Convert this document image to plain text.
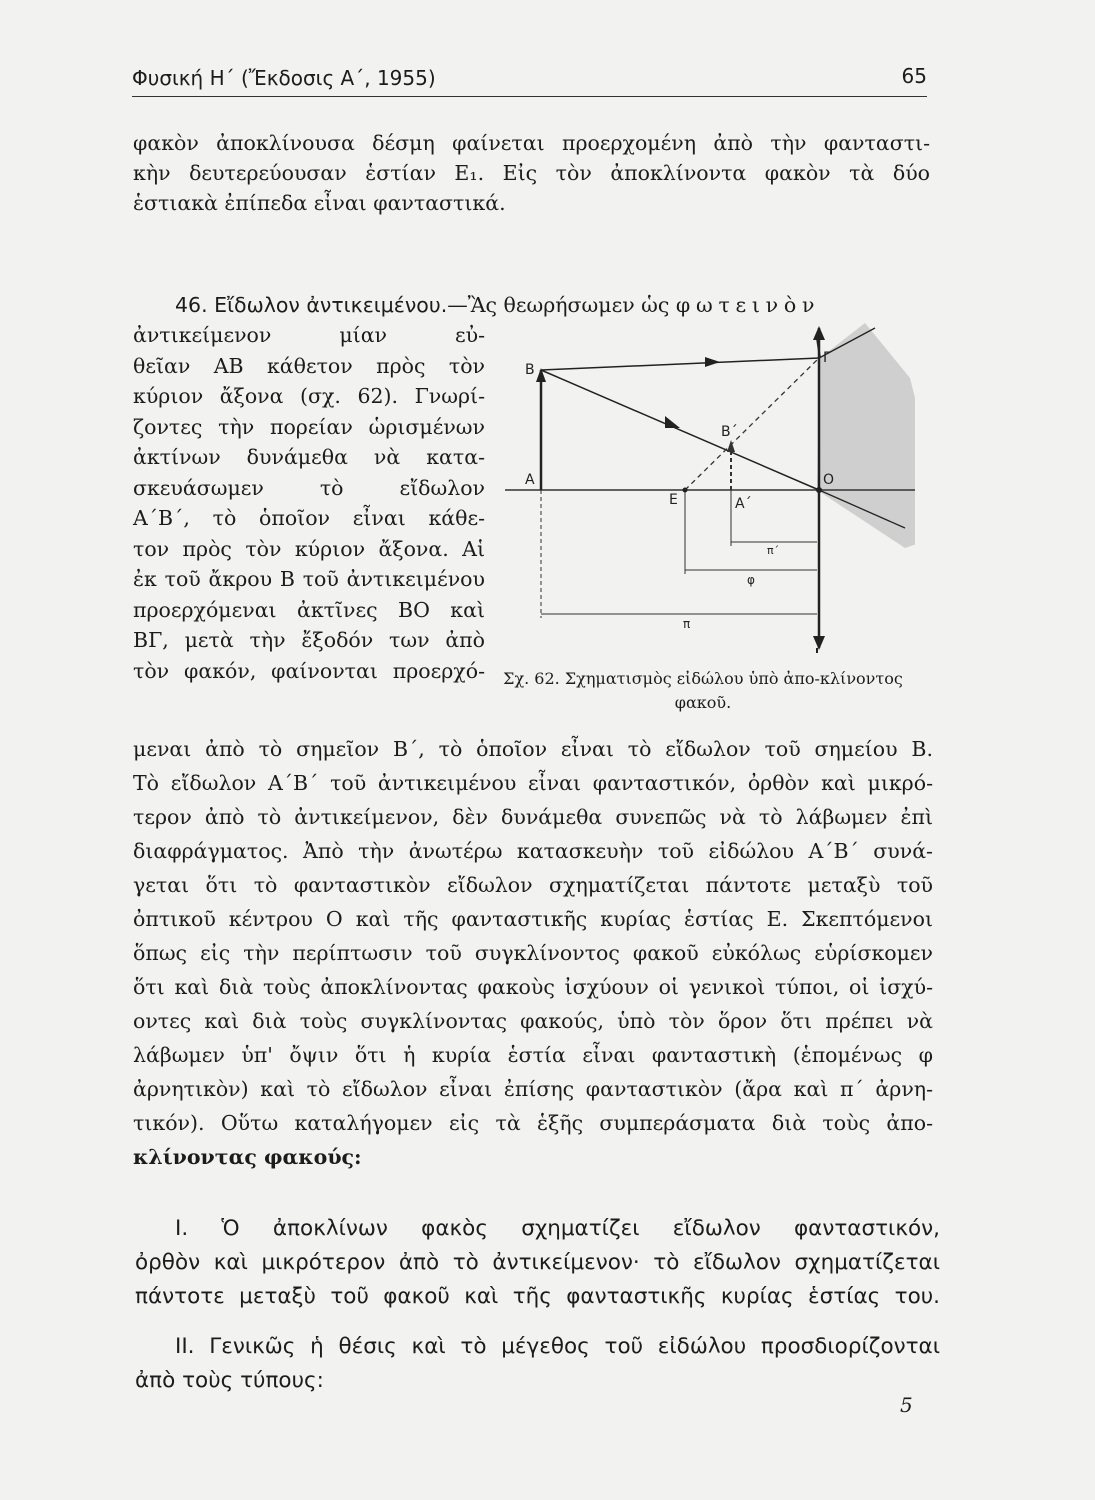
Φυσική Η΄ (Ἔκδοσις Α΄, 1955)	65
φακὸν ἀποκλίνουσα δέσμη φαίνεται προερχομένη ἀπὸ τὴν φανταστι-
κὴν δευτερεύουσαν ἑστίαν Ε₁. Εἰς τὸν ἀποκλίνοντα φακὸν τὰ δύο
ἑστιακὰ ἐπίπεδα εἶναι φανταστικά.
46. Εἴδωλον ἀντικειμένου.—Ἂς θεωρήσωμεν ὡς φωτεινὸν
ἀντικείμενον μίαν εὐ-
θεῖαν ΑΒ κάθετον πρὸς τὸν
κύριον ἄξονα (σχ. 62). Γνωρί-
ζοντες τὴν πορείαν ὡρισμένων
ἀκτίνων δυνάμεθα νὰ κατα-
σκευάσωμεν τὸ εἴδωλον
Α΄Β΄, τὸ ὁποῖον εἶναι κάθε-
τον πρὸς τὸν κύριον ἄξονα. Αἱ
ἐκ τοῦ ἄκρου Β τοῦ ἀντικειμένου
προερχόμεναι ἀκτῖνες ΒΟ καὶ
ΒΓ, μετὰ τὴν ἔξοδόν των ἀπὸ
τὸν φακόν, φαίνονται προερχό-
Β
Γ
Β΄
Α
Ε	Α΄
Ο
π΄
φ
π
Σχ. 62. Σχηματισμὸς εἰδώλου ὑπὸ ἀπο-κλίνοντος φακοῦ.
μεναι ἀπὸ τὸ σημεῖον Β΄, τὸ ὁποῖον εἶναι τὸ εἴδωλον τοῦ σημείου Β.
Τὸ εἴδωλον Α΄Β΄ τοῦ ἀντικειμένου εἶναι φανταστικόν, ὀρθὸν καὶ μικρό-
τερον ἀπὸ τὸ ἀντικείμενον, δὲν δυνάμεθα συνεπῶς νὰ τὸ λάβωμεν ἐπὶ
διαφράγματος. Ἀπὸ τὴν ἀνωτέρω κατασκευὴν τοῦ εἰδώλου Α΄Β΄ συνά-
γεται ὅτι τὸ φανταστικὸν εἴδωλον σχηματίζεται πάντοτε μεταξὺ τοῦ
ὀπτικοῦ κέντρου Ο καὶ τῆς φανταστικῆς κυρίας ἑστίας Ε. Σκεπτόμενοι
ὅπως εἰς τὴν περίπτωσιν τοῦ συγκλίνοντος φακοῦ εὐκόλως εὑρίσκομεν
ὅτι καὶ διὰ τοὺς ἀποκλίνοντας φακοὺς ἰσχύουν οἱ γενικοὶ τύποι, οἱ ἰσχύ-
οντες καὶ διὰ τοὺς συγκλίνοντας φακούς, ὑπὸ τὸν ὅρον ὅτι πρέπει νὰ
λάβωμεν ὑπ' ὄψιν ὅτι ἡ κυρία ἑστία εἶναι φανταστικὴ (ἑπομένως φ
ἀρνητικὸν) καὶ τὸ εἴδωλον εἶναι ἐπίσης φανταστικὸν (ἄρα καὶ π΄ ἀρνη-
τικόν). Οὕτω καταλήγομεν εἰς τὰ ἑξῆς συμπεράσματα διὰ τοὺς ἀπο-
κλίνοντας φακούς:
I. Ὁ ἀποκλίνων φακὸς σχηματίζει εἴδωλον φανταστικόν,
ὀρθὸν καὶ μικρότερον ἀπὸ τὸ ἀντικείμενον· τὸ εἴδωλον σχηματίζεται
πάντοτε μεταξὺ τοῦ φακοῦ καὶ τῆς φανταστικῆς κυρίας ἑστίας του.
II. Γενικῶς ἡ θέσις καὶ τὸ μέγεθος τοῦ εἰδώλου προσδιορίζονται
ἀπὸ τοὺς τύπους:
5
